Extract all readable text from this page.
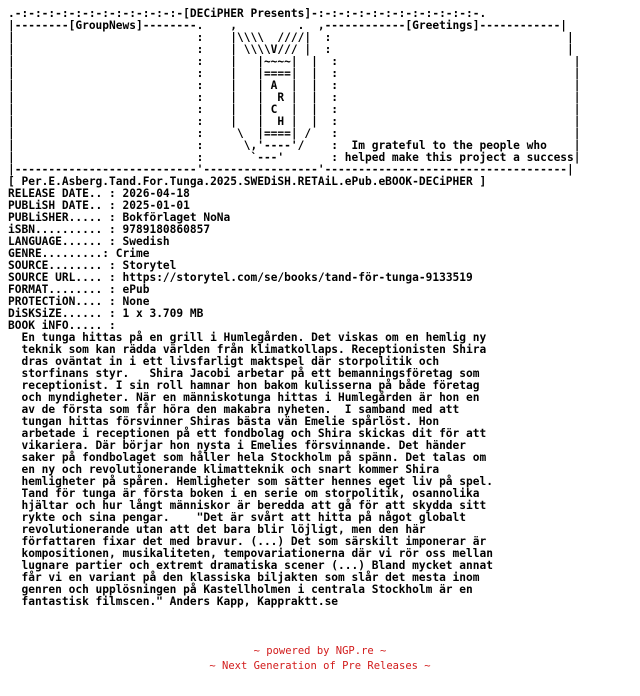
.-:-:-:-:-:-:-:-:-:-:-:-:-[DECiPHER Presents]-:-:-:-:-:-:-:-:-:-:-:-:-.
|--------[GroupNews]--------.    ,         .  ,------------[Greetings]------------|
|                           :    |\\\\  ////|  :                                   |
|                           :    | \\\\V/// |  :                                   |
|                           :    |   |~~~~|  |  :                                   |
|                           :    |   |====|  |  :                                   |
|                           :    |   | A  |  |  :                                   |
|                           :    |   |  R |  |  :                                   |
|                           :    |   | C  |  |  :                                   |
|                           :    |   |  H |  |  :                                   |
|                           :     \  |====| /   :                                   |
|                           :      \,'----'/    :  Im grateful to the people who    |
|                           :       `---'       : helped make this project a success|
|---------------------------'-----------------'------------------------------------|
[ Per.E.Asberg.Tand.For.Tunga.2025.SWEDiSH.RETAiL.ePub.eBOOK-DECiPHER ]
RELEASE DATE.. : 2026-04-18
PUBLiSH DATE.. : 2025-01-01
PUBLiSHER..... : Bokförlaget NoNa
iSBN.......... : 9789180860857
LANGUAGE...... : Swedish
GENRE.........: Crime
SOURCE........ : Storytel
SOURCE URL.... : https://storytel.com/se/books/tand-för-tunga-9133519
FORMAT........ : ePub
PROTECTiON.... : None
DiSKSiZE...... : 1 x 3.709 MB
BOOK iNFO..... :
En tunga hittas på en grill i Humlegården. Det viskas om en hemlig ny
teknik som kan rädda världen från klimatkollaps. Receptionisten Shira
dras oväntat in i ett livsfarligt maktspel där storpolitik och
storfinans styr.   Shira Jacobi arbetar på ett bemanningsföretag som
receptionist. I sin roll hamnar hon bakom kulisserna på både företag
och myndigheter. När en människotunga hittas i Humlegården är hon en
av de första som får höra den makabra nyheten.  I samband med att
tungan hittas försvinner Shiras bästa vän Emelie spårlöst. Hon
arbetade i receptionen på ett fondbolag och Shira skickas dit för att
vikariera. Där börjar hon nysta i Emelies försvinnande. Det händer
saker på fondbolaget som håller hela Stockholm på spänn. Det talas om
en ny och revolutionerande klimatteknik och snart kommer Shira
hemligheter på spåren. Hemligheter som sätter hennes eget liv på spel.
Tand för tunga är första boken i en serie om storpolitik, osannolika
hjältar och hur långt människor är beredda att gå för att skydda sitt
rykte och sina pengar.    "Det är svårt att hitta på något globalt
revolutionerande utan att det bara blir löjligt, men den här
författaren fixar det med bravur. (...) Det som särskilt imponerar är
kompositionen, musikaliteten, tempovariationerna där vi rör oss mellan
lugnare partier och extremt dramatiska scener (...) Bland mycket annat
får vi en variant på den klassiska biljakten som slår det mesta inom
genren och upplösningen på Kastellholmen i centrala Stockholm är en
fantastisk filmscen." Anders Kapp, Kappraktt.se
~ powered by NGP.re ~
~ Next Generation of Pre Releases ~
